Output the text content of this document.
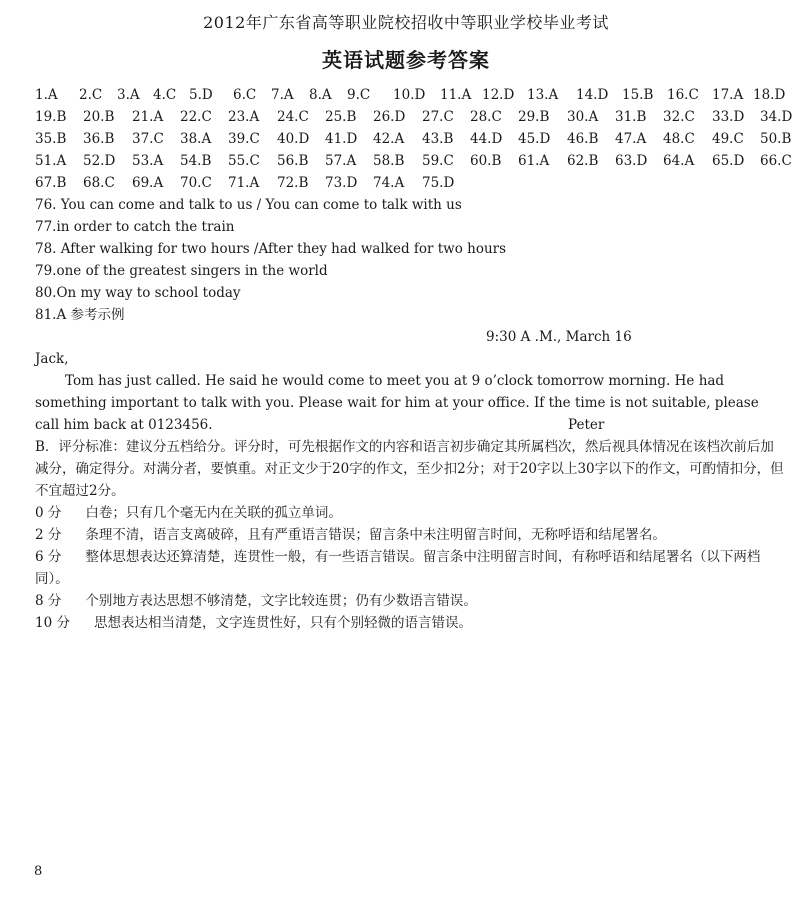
2012年广东省高等职业院校招收中等职业学校毕业考试
英语试题参考答案
1.A 2.C 3.A 4.C 5.D 6.C 7.A 8.A 9.C 10.D 11.A 12.D 13.A 14.D 15.B 16.C 17.A 18.D
19.B 20.B 21.A 22.C 23.A 24.C 25.B 26.D 27.C 28.C 29.B 30.A 31.B 32.C 33.D 34.D
35.B 36.B 37.C 38.A 39.C 40.D 41.D 42.A 43.B 44.D 45.D 46.B 47.A 48.C 49.C 50.B
51.A 52.D 53.A 54.B 55.C 56.B 57.A 58.B 59.C 60.B 61.A 62.B 63.D 64.A 65.D 66.C
67.B 68.C 69.A 70.C 71.A 72.B 73.D 74.A 75.D
76. You can come and talk to us / You can come to talk with us
77.in order to catch the train
78. After walking for two hours /After they had walked for two hours
79.one of the greatest singers in the world
80.On my way to school today
81.A 参考示例
9:30 A .M., March 16
Jack,
Tom has just called. He said he would come to meet you at 9 o’clock tomorrow morning. He had something important to talk with you. Please wait for him at your office. If the time is not suitable, please call him back at 0123456.	Peter
B．评分标准：建议分五档给分。评分时，可先根据作文的内容和语言初步确定其所属档次，然后视具体情况在该档次前后加减分，确定得分。对满分者，要慎重。对正文少于20字的作文，至少扣2分；对于20字以上30字以下的作文，可酌情扣分，但不宜超过2分。
0 分 白卷；只有几个毫无内在关联的孤立单词。
2 分 条理不清，语言支离破碎，且有严重语言错误；留言条中未注明留言时间，无称呼语和结尾署名。
6 分 整体思想表达还算清楚，连贯性一般，有一些语言错误。留言条中注明留言时间，有称呼语和结尾署名（以下两档同）。
8 分 个别地方表达思想不够清楚，文字比较连贯；仍有少数语言错误。
10 分 思想表达相当清楚，文字连贯性好，只有个别轻微的语言错误。
8
